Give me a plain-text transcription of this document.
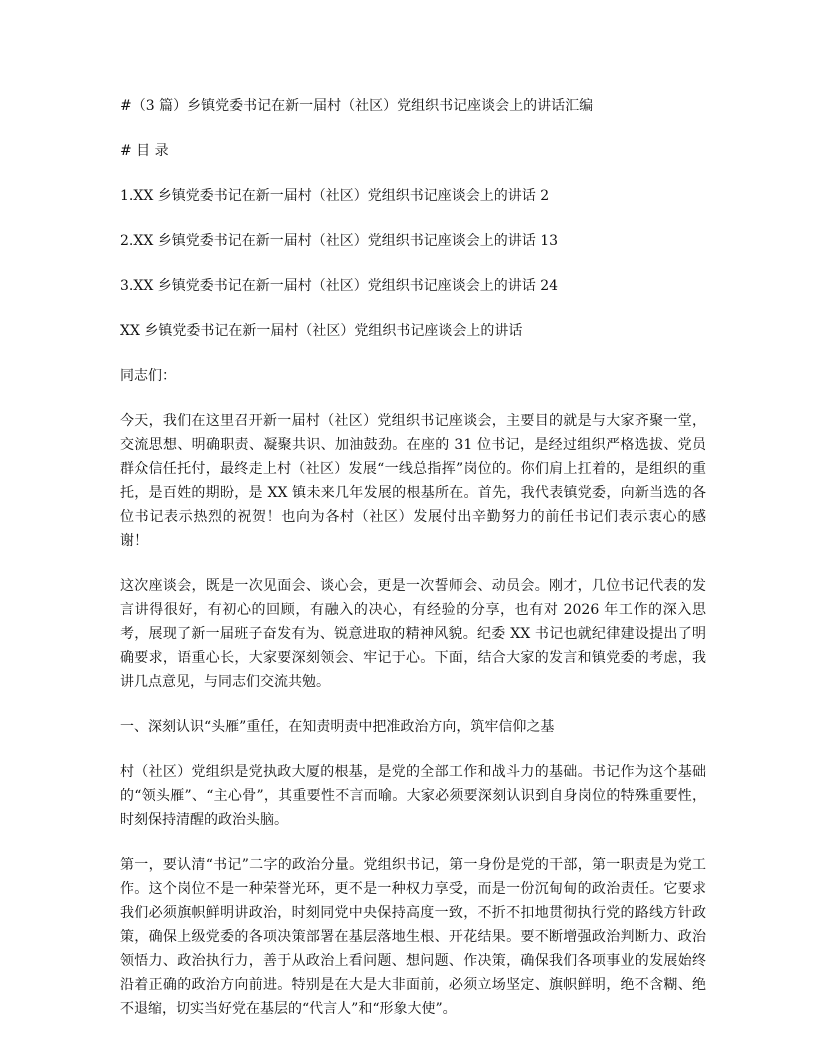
#（3 篇）乡镇党委书记在新一届村（社区）党组织书记座谈会上的讲话汇编

# 目 录

1.XX 乡镇党委书记在新一届村（社区）党组织书记座谈会上的讲话 2

2.XX 乡镇党委书记在新一届村（社区）党组织书记座谈会上的讲话 13

3.XX 乡镇党委书记在新一届村（社区）党组织书记座谈会上的讲话 24

XX 乡镇党委书记在新一届村（社区）党组织书记座谈会上的讲话

同志们：

今天，我们在这里召开新一届村（社区）党组织书记座谈会，主要目的就是与大家齐聚一堂，交流思想、明确职责、凝聚共识、加油鼓劲。在座的 31 位书记，是经过组织严格选拔、党员群众信任托付，最终走上村（社区）发展“一线总指挥”岗位的。你们肩上扛着的，是组织的重托，是百姓的期盼，是 XX 镇未来几年发展的根基所在。首先，我代表镇党委，向新当选的各位书记表示热烈的祝贺！也向为各村（社区）发展付出辛勤努力的前任书记们表示衷心的感谢！

这次座谈会，既是一次见面会、谈心会，更是一次誓师会、动员会。刚才，几位书记代表的发言讲得很好，有初心的回顾，有融入的决心，有经验的分享，也有对 2026 年工作的深入思考，展现了新一届班子奋发有为、锐意进取的精神风貌。纪委 XX 书记也就纪律建设提出了明确要求，语重心长，大家要深刻领会、牢记于心。下面，结合大家的发言和镇党委的考虑，我讲几点意见，与同志们交流共勉。

一、深刻认识“头雁”重任，在知责明责中把准政治方向，筑牢信仰之基

村（社区）党组织是党执政大厦的根基，是党的全部工作和战斗力的基础。书记作为这个基础的“领头雁”、“主心骨”，其重要性不言而喻。大家必须要深刻认识到自身岗位的特殊重要性，时刻保持清醒的政治头脑。

第一，要认清“书记”二字的政治分量。党组织书记，第一身份是党的干部，第一职责是为党工作。这个岗位不是一种荣誉光环，更不是一种权力享受，而是一份沉甸甸的政治责任。它要求我们必须旗帜鲜明讲政治，时刻同党中央保持高度一致，不折不扣地贯彻执行党的路线方针政策，确保上级党委的各项决策部署在基层落地生根、开花结果。要不断增强政治判断力、政治领悟力、政治执行力，善于从政治上看问题、想问题、作决策，确保我们各项事业的发展始终沿着正确的政治方向前进。特别是在大是大非面前，必须立场坚定、旗帜鲜明，绝不含糊、绝不退缩，切实当好党在基层的“代言人”和“形象大使”。
